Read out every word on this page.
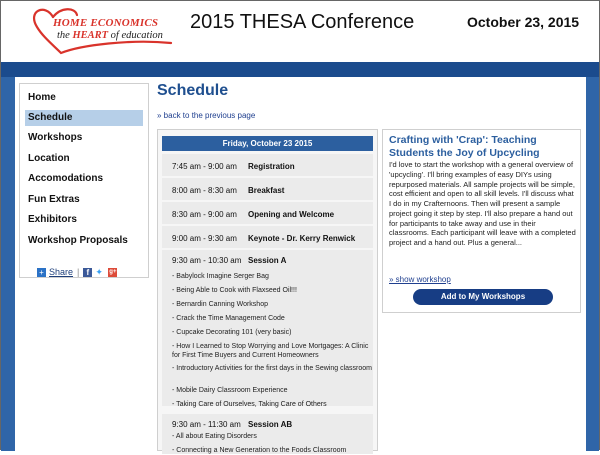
HOME ECONOMICS
the HEART of education
2015 THESA Conference	October 23, 2015
Home
Schedule
Workshops
Location
Accomodations
Fun Extras
Exhibitors
Workshop Proposals
+ Share | f ✦	g+
Schedule
» back to the previous page
Friday, October 23 2015
7:45 am - 9:00 am Registration
8:00 am - 8:30 am Breakfast
8:30 am - 9:00 am Opening and Welcome
9:00 am - 9:30 am Keynote - Dr. Kerry Renwick
9:30 am - 10:30 am Session A
- Babylock Imagine Serger Bag
- Being Able to Cook with Flaxseed Oil!!!
- Bernardin Canning Workshop
- Crack the Time Management Code
- Cupcake Decorating 101 (very basic)
- How I Learned to Stop Worrying and Love Mortgages: A Clinic for First Time Buyers and Current Homeowners
- Introductory Activities for the first days in the Sewing classroom
- Mobile Dairy Classroom Experience
- Taking Care of Ourselves, Taking Care of Others
9:30 am - 11:30 am Session AB
- All about Eating Disorders
- Connecting a New Generation to the Foods Classroom
Crafting with 'Crap': Teaching Students the Joy of Upcycling
I'd love to start the workshop with a general overview of 'upcycling'. I'll bring examples of easy DIYs using repurposed materials. All sample projects will be simple, cost efficient and open to all skill levels. I'll discuss what I do in my Crafternoons. Then will present a sample project going it step by step. I'll also prepare a hand out for participants to take away and use in their classrooms. Each participant will leave with a completed project and a hand out. Plus a general...
» show workshop
Add to My Workshops
